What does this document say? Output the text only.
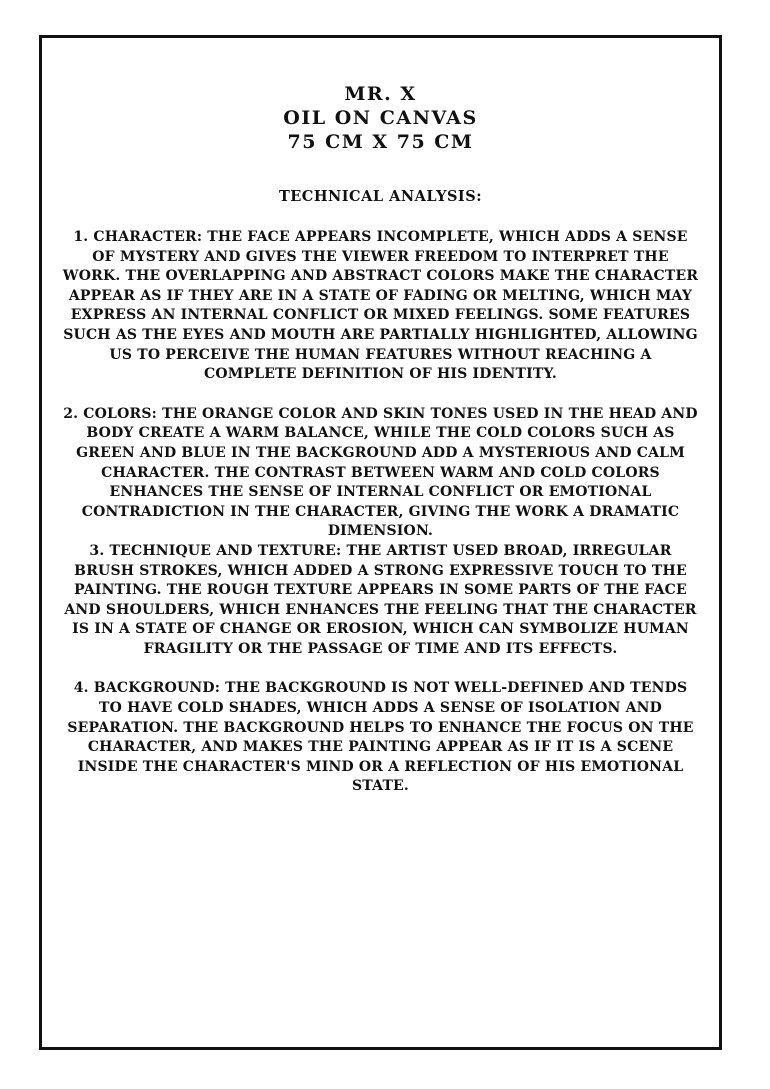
MR. X

OIL ON CANVAS

75 CM X 75 CM

TECHNICAL ANALYSIS:

1. CHARACTER: THE FACE APPEARS INCOMPLETE, WHICH ADDS A SENSE OF MYSTERY AND GIVES THE VIEWER FREEDOM TO INTERPRET THE WORK. THE OVERLAPPING AND ABSTRACT COLORS MAKE THE CHARACTER APPEAR AS IF THEY ARE IN A STATE OF FADING OR MELTING, WHICH MAY EXPRESS AN INTERNAL CONFLICT OR MIXED FEELINGS. SOME FEATURES SUCH AS THE EYES AND MOUTH ARE PARTIALLY HIGHLIGHTED, ALLOWING US TO PERCEIVE THE HUMAN FEATURES WITHOUT REACHING A COMPLETE DEFINITION OF HIS IDENTITY.

2. COLORS: THE ORANGE COLOR AND SKIN TONES USED IN THE HEAD AND BODY CREATE A WARM BALANCE, WHILE THE COLD COLORS SUCH AS GREEN AND BLUE IN THE BACKGROUND ADD A MYSTERIOUS AND CALM CHARACTER. THE CONTRAST BETWEEN WARM AND COLD COLORS ENHANCES THE SENSE OF INTERNAL CONFLICT OR EMOTIONAL CONTRADICTION IN THE CHARACTER, GIVING THE WORK A DRAMATIC DIMENSION.

3. TECHNIQUE AND TEXTURE: THE ARTIST USED BROAD, IRREGULAR BRUSH STROKES, WHICH ADDED A STRONG EXPRESSIVE TOUCH TO THE PAINTING. THE ROUGH TEXTURE APPEARS IN SOME PARTS OF THE FACE AND SHOULDERS, WHICH ENHANCES THE FEELING THAT THE CHARACTER IS IN A STATE OF CHANGE OR EROSION, WHICH CAN SYMBOLIZE HUMAN FRAGILITY OR THE PASSAGE OF TIME AND ITS EFFECTS.

4. BACKGROUND: THE BACKGROUND IS NOT WELL-DEFINED AND TENDS TO HAVE COLD SHADES, WHICH ADDS A SENSE OF ISOLATION AND SEPARATION. THE BACKGROUND HELPS TO ENHANCE THE FOCUS ON THE CHARACTER, AND MAKES THE PAINTING APPEAR AS IF IT IS A SCENE INSIDE THE CHARACTER'S MIND OR A REFLECTION OF HIS EMOTIONAL STATE.
